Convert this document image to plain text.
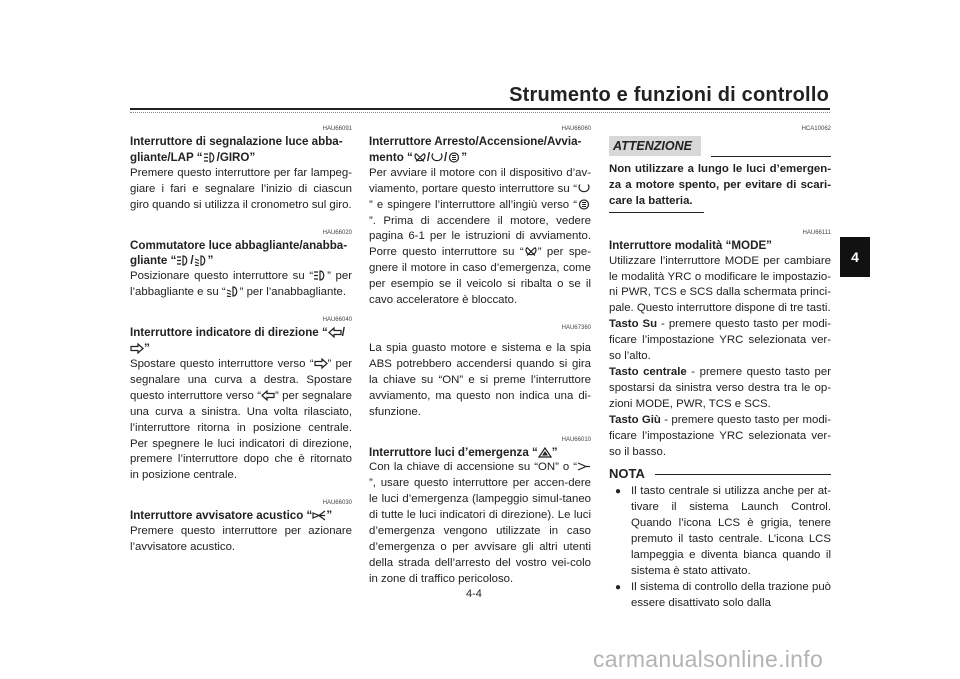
Strumento e funzioni di controllo
4
HAU66091
Interruttore di segnalazione luce abba-gliante/LAP “ /GIRO”

Premere questo interruttore per far lampeg-giare i fari e segnalare l’inizio di ciascun giro quando si utilizza il cronometro sul giro.

HAU66020
Commutatore luce abbagliante/anabba-gliante “ / ”

Posizionare questo interruttore su “ ” per l’abbagliante e su “ ” per l’anabbagliante.

HAU66040
Interruttore indicatore di direzione “ /
”

Spostare questo interruttore verso “ ” per segnalare una curva a destra. Spostare questo interruttore verso “ ” per segnalare una curva a sinistra. Una volta rilasciato, l’interruttore ritorna in posizione centrale. Per spegnere le luci indicatori di direzione, premere l’interruttore dopo che è ritornato in posizione centrale.

HAU66030
Interruttore avvisatore acustico “ ”

Premere questo interruttore per azionare l’avvisatore acustico.

HAU66060
Interruttore Arresto/Accensione/Avvia-mento “ / / ”

Per avviare il motore con il dispositivo d’av-viamento, portare questo interruttore su “” e spingere l’interruttore all’ingiù verso “”. Prima di accendere il motore, vedere pagina 6-1 per le istruzioni di avviamento. Porre questo interruttore su “ ” per spe-gnere il motore in caso d’emergenza, come per esempio se il veicolo si ribalta o se il cavo acceleratore è bloccato.

HAU67360

La spia guasto motore e sistema e la spia ABS potrebbero accendersi quando si gira la chiave su “ON” e si preme l’interruttore avviamento, ma questo non indica una di-sfunzione.

HAU66010
Interruttore luci d’emergenza “ ”

Con la chiave di accensione su “ON” o “”, usare questo interruttore per accen-dere le luci d’emergenza (lampeggio simul-taneo di tutte le luci indicatori di direzione). Le luci d’emergenza vengono utilizzate in caso d’emergenza o per avvisare gli altri utenti della strada dell’arresto del vostro vei-colo in zone di traffico pericoloso.

HCA10062
ATTENZIONE

Non utilizzare a lungo le luci d’emergen-za a motore spento, per evitare di scari-care la batteria.

HAU66111
Interruttore modalità “MODE”

Utilizzare l’interruttore MODE per cambiare le modalità YRC o modificare le impostazio-ni PWR, TCS e SCS dalla schermata princi-pale. Questo interruttore dispone di tre tasti.

Tasto Su - premere questo tasto per modi-ficare l’impostazione YRC selezionata ver-so l’alto.

Tasto centrale - premere questo tasto per spostarsi da sinistra verso destra tra le op-zioni MODE, PWR, TCS e SCS.

Tasto Giù - premere questo tasto per modi-ficare l’impostazione YRC selezionata ver-so il basso.

NOTA
● Il tasto centrale si utilizza anche per at-tivare il sistema Launch Control. Quando l’icona LCS è grigia, tenere premuto il tasto centrale. L’icona LCS lampeggia e diventa bianca quando il sistema è stato attivato.
● Il sistema di controllo della trazione può essere disattivato solo dalla
4-4
carmanualsonline.info
